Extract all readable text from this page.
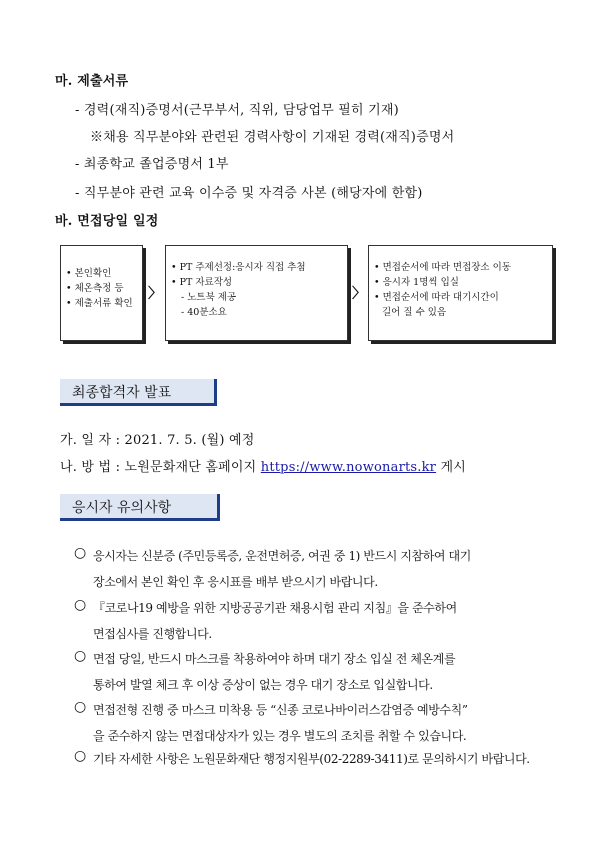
마. 제출서류
- 경력(재직)증명서(근무부서, 직위, 담당업무 필히 기재)
※채용 직무분야와 관련된 경력사항이 기재된 경력(재직)증명서
- 최종학교 졸업증명서 1부
- 직무분야 관련 교육 이수증 및 자격증 사본 (해당자에 한함)
바. 면접당일 일정
• 본인확인
• 체온측정 등
• 제출서류 확인
〉
• PT 주제선정:응시자 직접 추첨
• PT 자료작성
- 노트북 제공
- 40분소요
〉
• 면접순서에 따라 면접장소 이동
• 응시자 1명씩 입실
• 면접순서에 따라 대기시간이
길어 질 수 있음
최종합격자 발표
가. 일 자 : 2021. 7. 5. (월) 예정
나. 방 법 : 노원문화재단 홈페이지 https://www.nowonarts.kr 게시
응시자 유의사항
○ 응시자는 신분증 (주민등록증, 운전면허증, 여권 중 1) 반드시 지참하여 대기
장소에서 본인 확인 후 응시표를 배부 받으시기 바랍니다.
○ 『코로나19 예방을 위한 지방공공기관 채용시험 관리 지침』을 준수하여
면접심사를 진행합니다.
○ 면접 당일, 반드시 마스크를 착용하여야 하며 대기 장소 입실 전 체온계를
통하여 발열 체크 후 이상 증상이 없는 경우 대기 장소로 입실합니다.
○ 면접전형 진행 중 마스크 미착용 등 “신종 코로나바이러스감염증 예방수칙”
을 준수하지 않는 면접대상자가 있는 경우 별도의 조치를 취할 수 있습니다.
○ 기타 자세한 사항은 노원문화재단 행정지원부(02-2289-3411)로 문의하시기 바랍니다.
